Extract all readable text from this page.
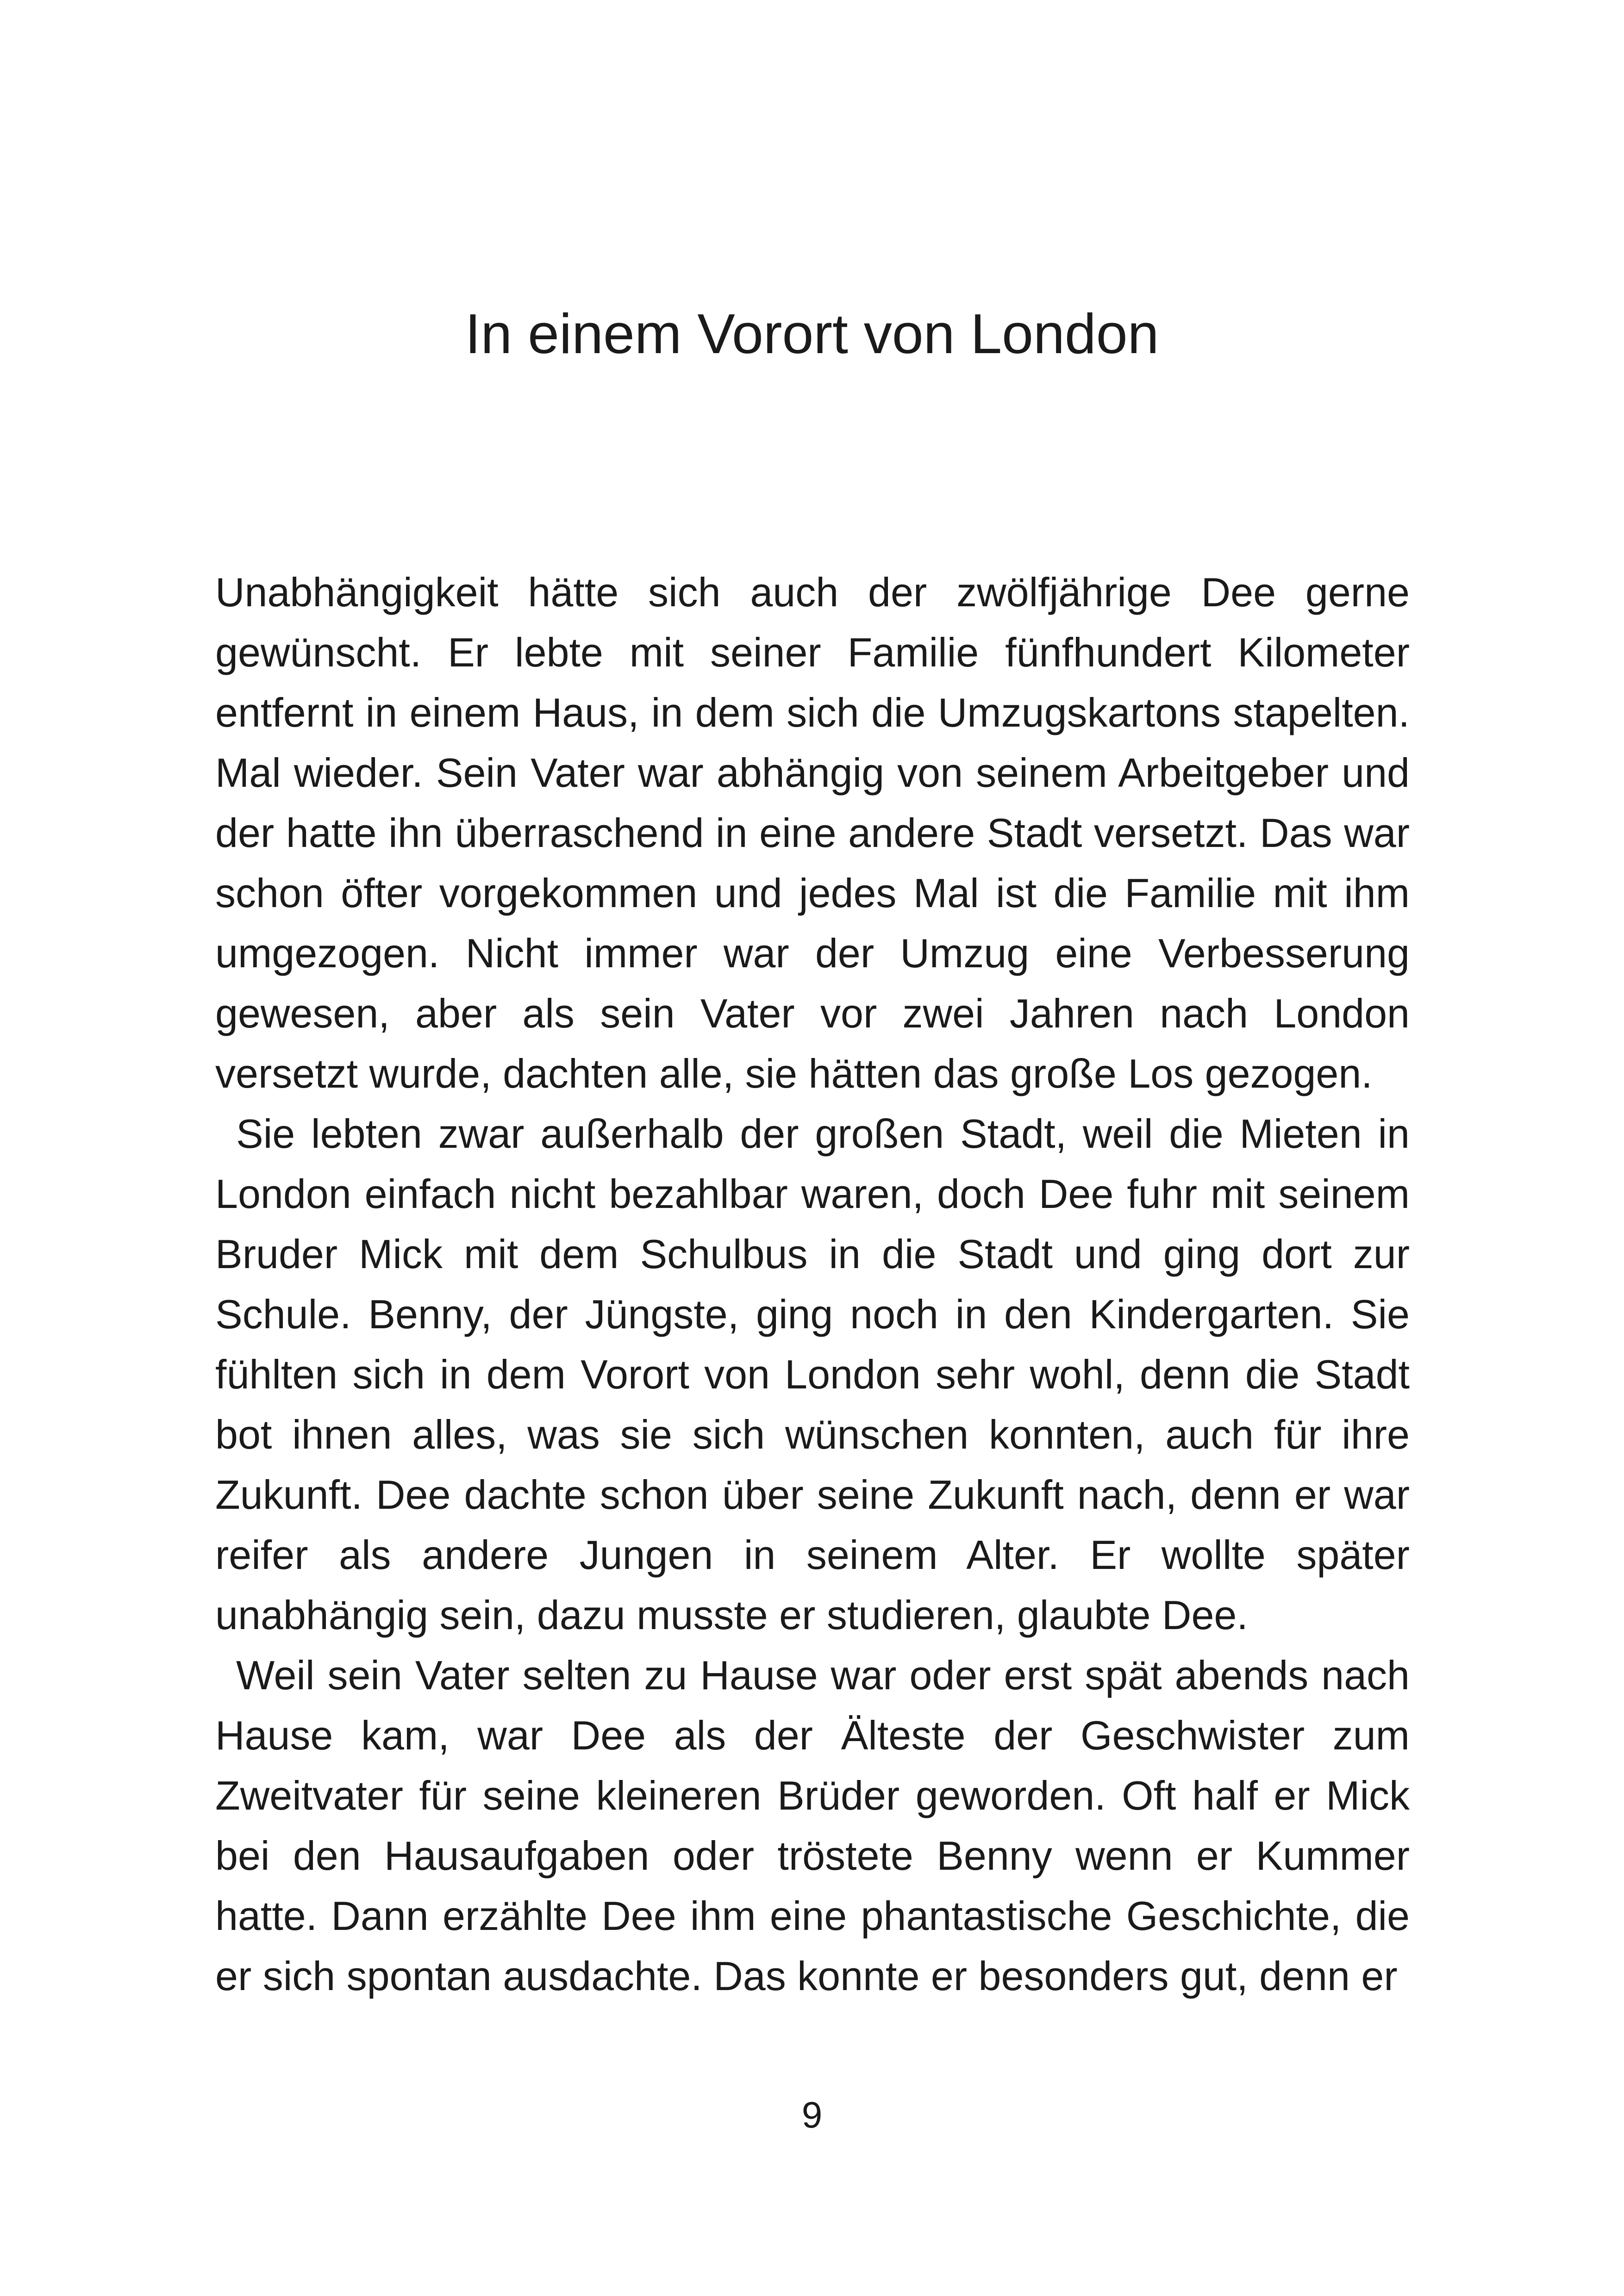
In einem Vorort von London

Unabhängigkeit hätte sich auch der zwölfjährige Dee gerne gewünscht. Er lebte mit seiner Familie fünfhundert Kilometer entfernt in einem Haus, in dem sich die Umzugskartons stapelten. Mal wieder. Sein Vater war abhängig von seinem Arbeitgeber und der hatte ihn überraschend in eine andere Stadt versetzt. Das war schon öfter vorgekommen und jedes Mal ist die Familie mit ihm umgezogen. Nicht immer war der Umzug eine Verbesserung gewesen, aber als sein Vater vor zwei Jahren nach London versetzt wurde, dachten alle, sie hätten das große Los gezogen.

Sie lebten zwar außerhalb der großen Stadt, weil die Mieten in London einfach nicht bezahlbar waren, doch Dee fuhr mit seinem Bruder Mick mit dem Schulbus in die Stadt und ging dort zur Schule. Benny, der Jüngste, ging noch in den Kindergarten. Sie fühlten sich in dem Vorort von London sehr wohl, denn die Stadt bot ihnen alles, was sie sich wünschen konnten, auch für ihre Zukunft. Dee dachte schon über seine Zukunft nach, denn er war reifer als andere Jungen in seinem Alter. Er wollte später unabhängig sein, dazu musste er studieren, glaubte Dee.

Weil sein Vater selten zu Hause war oder erst spät abends nach Hause kam, war Dee als der Älteste der Geschwister zum Zweitvater für seine kleineren Brüder geworden. Oft half er Mick bei den Hausaufgaben oder tröstete Benny wenn er Kummer hatte. Dann erzählte Dee ihm eine phantastische Geschichte, die er sich spontan ausdachte. Das konnte er besonders gut, denn er

9
